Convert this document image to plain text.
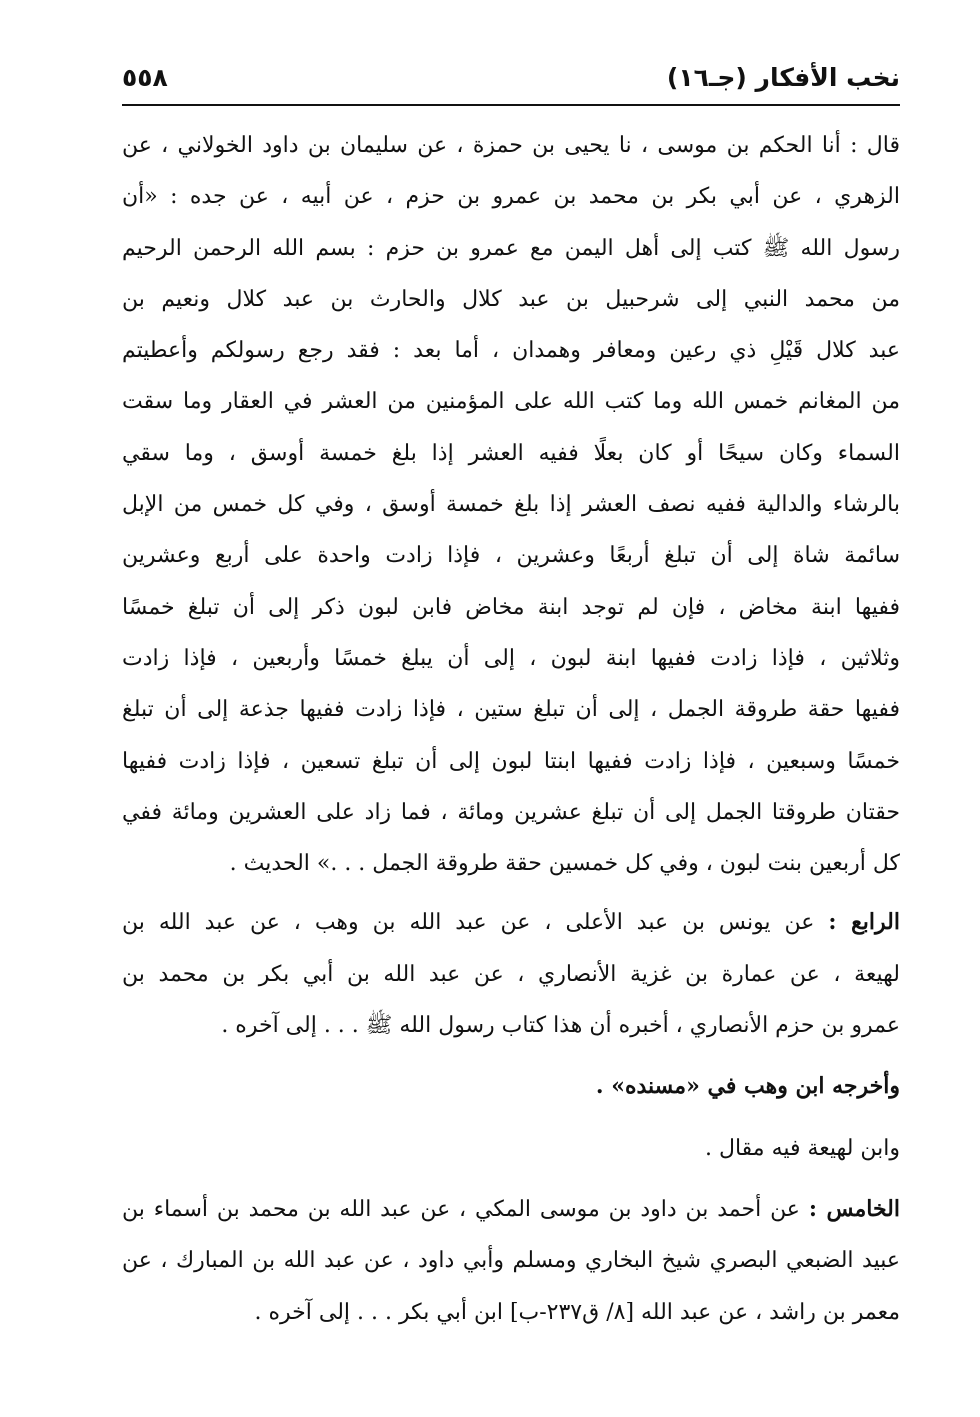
نخب الأفكار (جـ١٦)
٥٥٨

قال : أنا الحكم بن موسى ، نا يحيى بن حمزة ، عن سليمان بن داود الخولاني ، عن
الزهري ، عن أبي بكر بن محمد بن عمرو بن حزم ، عن أبيه ، عن جده : «أن
رسول الله ﷺ كتب إلى أهل اليمن مع عمرو بن حزم : بسم الله الرحمن الرحيم
من محمد النبي إلى شرحبيل بن عبد كلال والحارث بن عبد كلال ونعيم بن
عبد كلال قَيْلِ ذي رعين ومعافر وهمدان ، أما بعد : فقد رجع رسولكم وأعطيتم
من المغانم خمس الله وما كتب الله على المؤمنين من العشر في العقار وما سقت
السماء وكان سيحًا أو كان بعلًا ففيه العشر إذا بلغ خمسة أوسق ، وما سقي
بالرشاء والدالية ففيه نصف العشر إذا بلغ خمسة أوسق ، وفي كل خمس من الإبل
سائمة شاة إلى أن تبلغ أربعًا وعشرين ، فإذا زادت واحدة على أربع وعشرين
ففيها ابنة مخاض ، فإن لم توجد ابنة مخاض فابن لبون ذكر إلى أن تبلغ خمسًا
وثلاثين ، فإذا زادت ففيها ابنة لبون ، إلى أن يبلغ خمسًا وأربعين ، فإذا زادت
ففيها حقة طروقة الجمل ، إلى أن تبلغ ستين ، فإذا زادت ففيها جذعة إلى أن تبلغ
خمسًا وسبعين ، فإذا زادت ففيها ابنتا لبون إلى أن تبلغ تسعين ، فإذا زادت ففيها
حقتان طروقتا الجمل إلى أن تبلغ عشرين ومائة ، فما زاد على العشرين ومائة ففي
كل أربعين بنت لبون ، وفي كل خمسين حقة طروقة الجمل . . .» الحديث .

الرابع : عن يونس بن عبد الأعلى ، عن عبد الله بن وهب ، عن عبد الله بن
لهيعة ، عن عمارة بن غزية الأنصاري ، عن عبد الله بن أبي بكر بن محمد بن
عمرو بن حزم الأنصاري ، أخبره أن هذا كتاب رسول الله ﷺ . . . إلى آخره .

وأخرجه ابن وهب في «مسنده» .

وابن لهيعة فيه مقال .

الخامس : عن أحمد بن داود بن موسى المكي ، عن عبد الله بن محمد بن أسماء بن
عبيد الضبعي البصري شيخ البخاري ومسلم وأبي داود ، عن عبد الله بن المبارك ، عن
معمر بن راشد ، عن عبد الله [٨/ ق٢٣٧-ب] ابن أبي بكر . . . إلى آخره .
